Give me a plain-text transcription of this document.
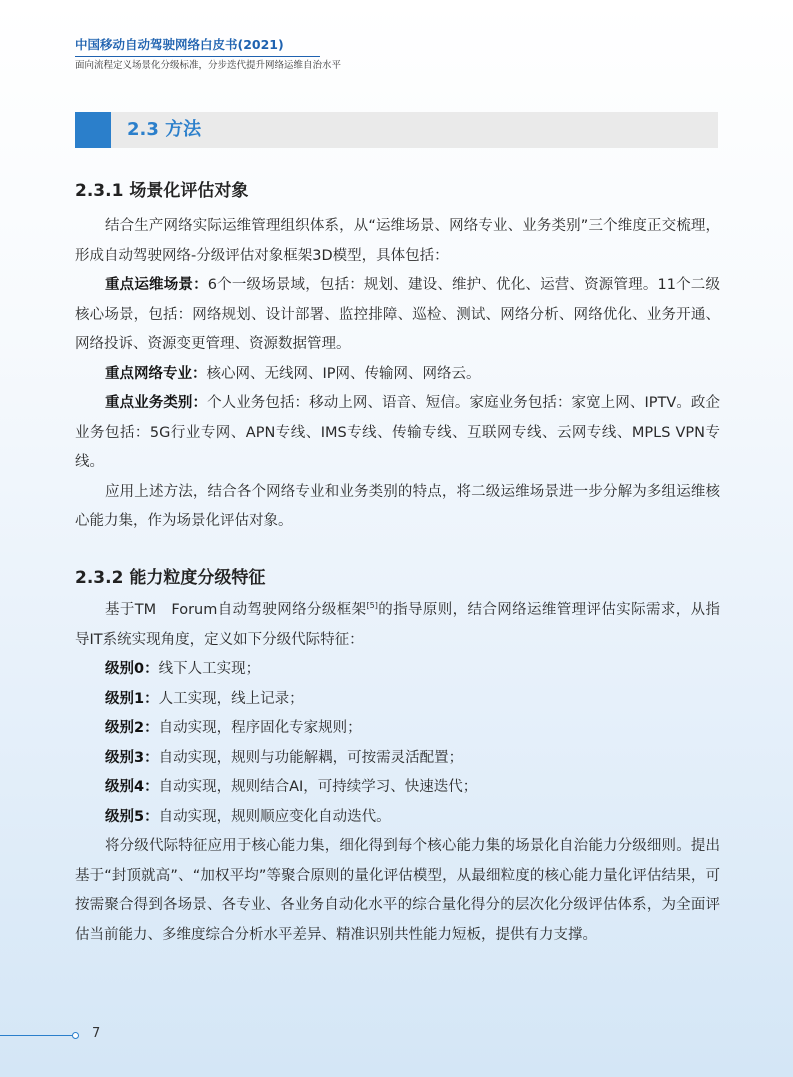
中国移动自动驾驶网络白皮书(2021)
面向流程定义场景化分级标准，分步迭代提升网络运维自治水平
2.3 方法
2.3.1 场景化评估对象

结合生产网络实际运维管理组织体系，从“运维场景、网络专业、业务类别”三个维度正交梳理，形成自动驾驶网络-分级评估对象框架3D模型，具体包括：

重点运维场景：6个一级场景域，包括：规划、建设、维护、优化、运营、资源管理。11个二级核心场景，包括：网络规划、设计部署、监控排障、巡检、测试、网络分析、网络优化、业务开通、网络投诉、资源变更管理、资源数据管理。

重点网络专业：核心网、无线网、IP网、传输网、网络云。

重点业务类别：个人业务包括：移动上网、语音、短信。家庭业务包括：家宽上网、IPTV。政企业务包括：5G行业专网、APN专线、IMS专线、传输专线、互联网专线、云网专线、MPLS VPN专线。

应用上述方法，结合各个网络专业和业务类别的特点，将二级运维场景进一步分解为多组运维核心能力集，作为场景化评估对象。

2.3.2 能力粒度分级特征

基于TM　Forum自动驾驶网络分级框架[5]的指导原则，结合网络运维管理评估实际需求，从指导IT系统实现角度，定义如下分级代际特征：

级别0：线下人工实现；

级别1：人工实现，线上记录；

级别2：自动实现，程序固化专家规则；

级别3：自动实现，规则与功能解耦，可按需灵活配置；

级别4：自动实现，规则结合AI，可持续学习、快速迭代；

级别5：自动实现，规则顺应变化自动迭代。

将分级代际特征应用于核心能力集，细化得到每个核心能力集的场景化自治能力分级细则。提出基于“封顶就高”、“加权平均”等聚合原则的量化评估模型，从最细粒度的核心能力量化评估结果，可按需聚合得到各场景、各专业、各业务自动化水平的综合量化得分的层次化分级评估体系，为全面评估当前能力、多维度综合分析水平差异、精准识别共性能力短板，提供有力支撑。

7
